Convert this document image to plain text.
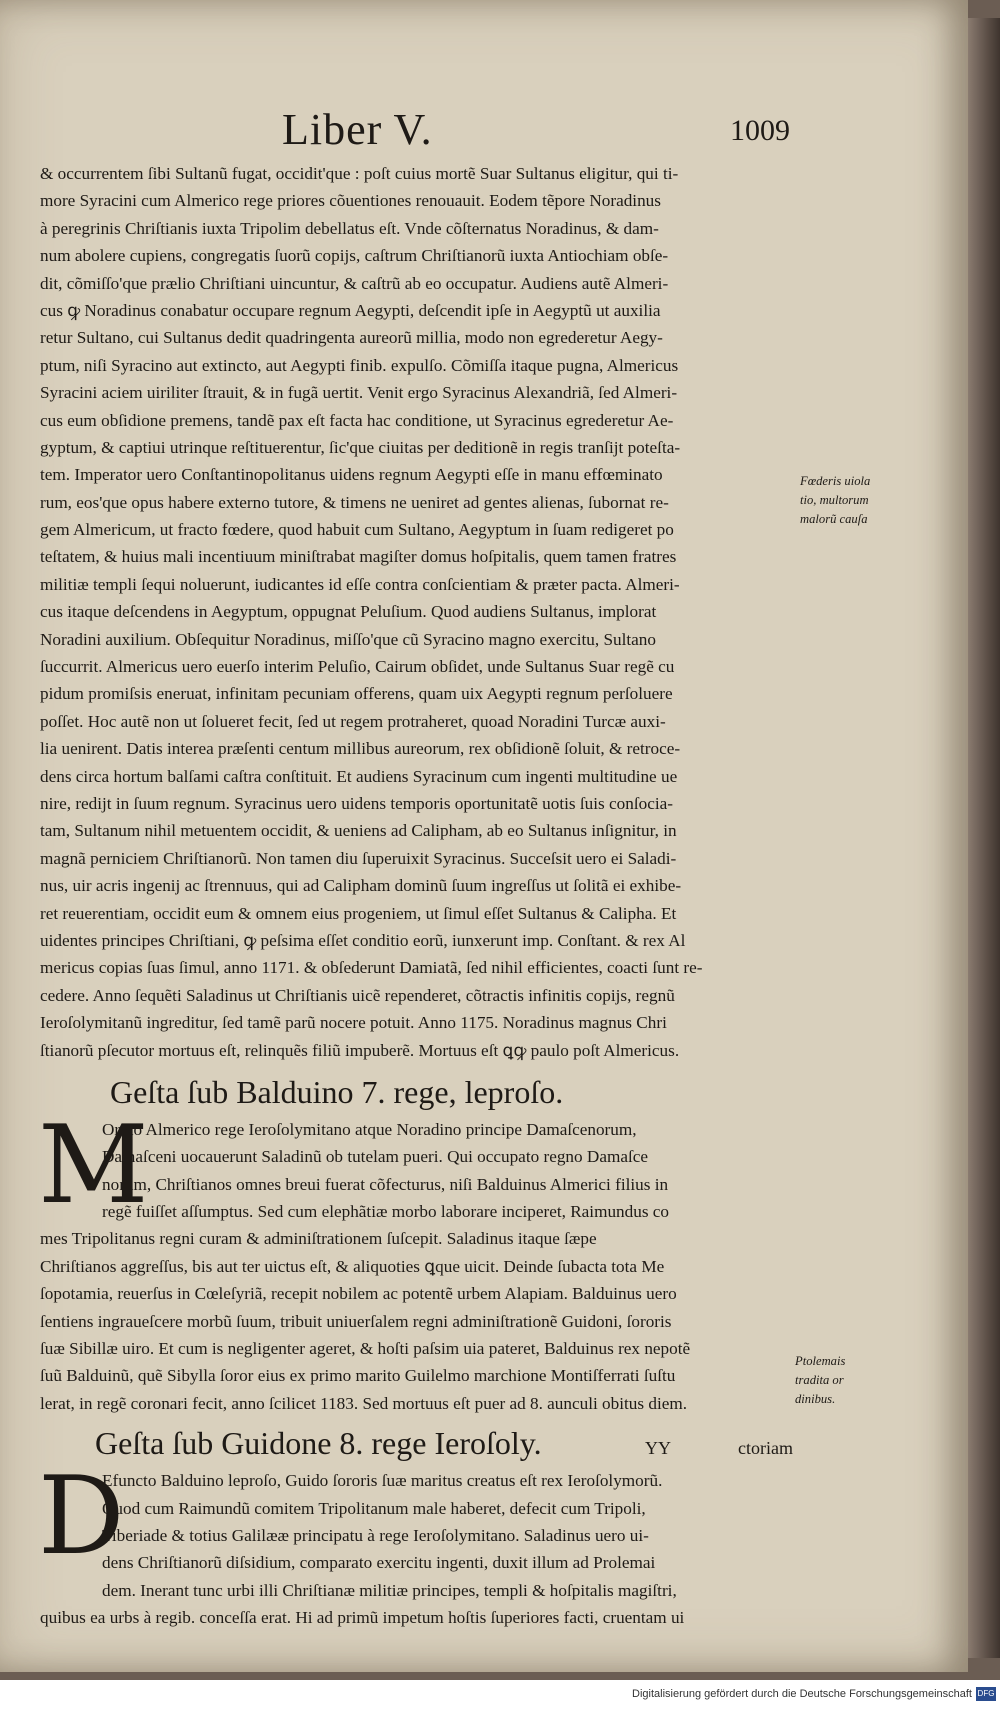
Liber V.	1009
& occurrentem ſibi Sultanũ fugat, occidit'que : poſt cuius mortẽ Suar Sultanus eligitur, qui ti-
more Syracini cum Almerico rege priores cõuentiones renouauit. Eodem tẽpore Noradinus
à peregrinis Chriſtianis iuxta Tripolim debellatus eſt. Vnde cõſternatus Noradinus, & dam-
num abolere cupiens, congregatis ſuorũ copijs, caſtrum Chriſtianorũ iuxta Antiochiam obſe-
dit, cõmiſſo'que prælio Chriſtiani uincuntur, & caſtrũ ab eo occupatur. Audiens autẽ Almeri-
cus ꝙ Noradinus conabatur occupare regnum Aegypti, deſcendit ipſe in Aegyptũ ut auxilia
retur Sultano, cui Sultanus dedit quadringenta aureorũ millia, modo non egrederetur Aegy-
ptum, niſi Syracino aut extincto, aut Aegypti finib. expulſo. Cõmiſſa itaque pugna, Almericus
Syracini aciem uiriliter ſtrauit, & in fugã uertit. Venit ergo Syracinus Alexandriã, ſed Almeri-
cus eum obſidione premens, tandẽ pax eſt facta hac conditione, ut Syracinus egrederetur Ae-
gyptum, & captiui utrinque reſtituerentur, ſic'que ciuitas per deditionẽ in regis tranſijt poteſta-
tem. Imperator uero Conſtantinopolitanus uidens regnum Aegypti eſſe in manu effœminato
rum, eos'que opus habere externo tutore, & timens ne ueniret ad gentes alienas, ſubornat re-
gem Almericum, ut fracto fœdere, quod habuit cum Sultano, Aegyptum in ſuam redigeret po
teſtatem, & huius mali incentiuum miniſtrabat magiſter domus hoſpitalis, quem tamen fratres
militiæ templi ſequi noluerunt, iudicantes id eſſe contra conſcientiam & præter pacta. Almeri-
cus itaque deſcendens in Aegyptum, oppugnat Peluſium. Quod audiens Sultanus, implorat
Noradini auxilium. Obſequitur Noradinus, miſſo'que cũ Syracino magno exercitu, Sultano
ſuccurrit. Almericus uero euerſo interim Peluſio, Cairum obſidet, unde Sultanus Suar regẽ cu
pidum promiſsis eneruat, infinitam pecuniam offerens, quam uix Aegypti regnum perſoluere
poſſet. Hoc autẽ non ut ſolueret fecit, ſed ut regem protraheret, quoad Noradini Turcæ auxi-
lia uenirent. Datis interea præſenti centum millibus aureorum, rex obſidionẽ ſoluit, & retroce-
dens circa hortum balſami caſtra conſtituit. Et audiens Syracinum cum ingenti multitudine ue
nire, redijt in ſuum regnum. Syracinus uero uidens temporis oportunitatẽ uotis ſuis conſocia-
tam, Sultanum nihil metuentem occidit, & ueniens ad Calipham, ab eo Sultanus inſignitur, in
magnã perniciem Chriſtianorũ. Non tamen diu ſuperuixit Syracinus. Succeſsit uero ei Saladi-
nus, uir acris ingenij ac ſtrennuus, qui ad Calipham dominũ ſuum ingreſſus ut ſolitã ei exhibe-
ret reuerentiam, occidit eum & omnem eius progeniem, ut ſimul eſſet Sultanus & Calipha. Et
uidentes principes Chriſtiani, ꝙ peſsima eſſet conditio eorũ, iunxerunt imp. Conſtant. & rex Al
mericus copias ſuas ſimul, anno 1171. & obſederunt Damiatã, ſed nihil efficientes, coacti ſunt re-
cedere. Anno ſequẽti Saladinus ut Chriſtianis uicẽ rependeret, cõtractis infinitis copijs, regnũ
Ieroſolymitanũ ingreditur, ſed tamẽ parũ nocere potuit. Anno 1175. Noradinus magnus Chri
ſtianorũ pſecutor mortuus eſt, relinquẽs filiũ impuberẽ. Mortuus eſt ꝗꝙ paulo poſt Almericus.
Geſta ſub Balduino 7. rege, leproſo.
M
Ortuo Almerico rege Ieroſolymitano atque Noradino principe Damaſcenorum,
Damaſceni uocauerunt Saladinũ ob tutelam pueri. Qui occupato regno Damaſce
norum, Chriſtianos omnes breui fuerat cõfecturus, niſi Balduinus Almerici filius in
regẽ fuiſſet aſſumptus. Sed cum elephãtiæ morbo laborare inciperet, Raimundus co
mes Tripolitanus regni curam & adminiſtrationem ſuſcepit. Saladinus itaque ſæpe
Chriſtianos aggreſſus, bis aut ter uictus eſt, & aliquoties ꝗque uicit. Deinde ſubacta tota Me
ſopotamia, reuerſus in Cœleſyriã, recepit nobilem ac potentẽ urbem Alapiam. Balduinus uero
ſentiens ingraueſcere morbũ ſuum, tribuit uniuerſalem regni adminiſtrationẽ Guidoni, ſororis
ſuæ Sibillæ uiro. Et cum is negligenter ageret, & hoſti paſsim uia pateret, Balduinus rex nepotẽ
ſuũ Balduinũ, quẽ Sibylla ſoror eius ex primo marito Guilelmo marchione Montiſferrati ſuſtu
lerat, in regẽ coronari fecit, anno ſcilicet 1183. Sed mortuus eſt puer ad 8. aunculi obitus diem.
Geſta ſub Guidone 8. rege Ieroſoly.
D
Efuncto Balduino leproſo, Guido ſororis ſuæ maritus creatus eſt rex Ieroſolymorũ.
Quod cum Raimundũ comitem Tripolitanum male haberet, defecit cum Tripoli,
Tiberiade & totius Galilææ principatu à rege Ieroſolymitano. Saladinus uero ui-
dens Chriſtianorũ diſsidium, comparato exercitu ingenti, duxit illum ad Prolemai
dem. Inerant tunc urbi illi Chriſtianæ militiæ principes, templi & hoſpitalis magiſtri,
quibus ea urbs à regib. conceſſa erat. Hi ad primũ impetum hoſtis ſuperiores facti, cruentam ui
Fœderis uiola
tio, multorum
malorũ cauſa
Ptolemais
tradita or
dinibus.
YY	ctoriam
Digitalisierung gefördert durch die Deutsche Forschungsgemeinschaft DFG
